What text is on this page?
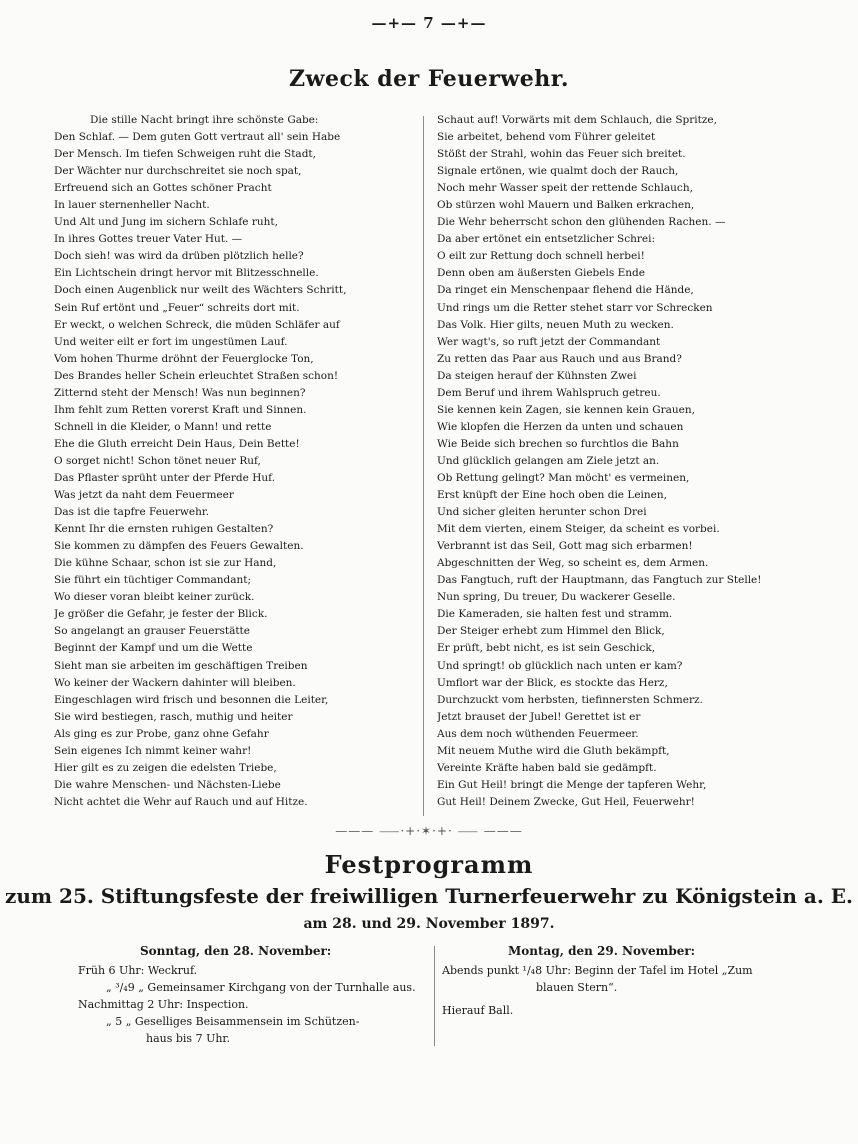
—+— 7 —+—
Zweck der Feuerwehr.
Die stille Nacht bringt ihre schönste Gabe:
Den Schlaf. — Dem guten Gott vertraut all' sein Habe
Der Mensch. Im tiefen Schweigen ruht die Stadt,
Der Wächter nur durchschreitet sie noch spat,
Erfreuend sich an Gottes schöner Pracht
In lauer sternenheller Nacht.
Und Alt und Jung im sichern Schlafe ruht,
In ihres Gottes treuer Vater Hut. —
Doch sieh! was wird da drüben plötzlich helle?
Ein Lichtschein dringt hervor mit Blitzesschnelle.
Doch einen Augenblick nur weilt des Wächters Schritt,
Sein Ruf ertönt und „Feuer“ schreits dort mit.
Er weckt, o welchen Schreck, die müden Schläfer auf
Und weiter eilt er fort im ungestümen Lauf.
Vom hohen Thurme dröhnt der Feuerglocke Ton,
Des Brandes heller Schein erleuchtet Straßen schon!
Zitternd steht der Mensch! Was nun beginnen?
Ihm fehlt zum Retten vorerst Kraft und Sinnen.
Schnell in die Kleider, o Mann! und rette
Ehe die Gluth erreicht Dein Haus, Dein Bette!
O sorget nicht! Schon tönet neuer Ruf,
Das Pflaster sprüht unter der Pferde Huf.
Was jetzt da naht dem Feuermeer
Das ist die tapfre Feuerwehr.
Kennt Ihr die ernsten ruhigen Gestalten?
Sie kommen zu dämpfen des Feuers Gewalten.
Die kühne Schaar, schon ist sie zur Hand,
Sie führt ein tüchtiger Commandant;
Wo dieser voran bleibt keiner zurück.
Je größer die Gefahr, je fester der Blick.
So angelangt an grauser Feuerstätte
Beginnt der Kampf und um die Wette
Sieht man sie arbeiten im geschäftigen Treiben
Wo keiner der Wackern dahinter will bleiben.
Eingeschlagen wird frisch und besonnen die Leiter,
Sie wird bestiegen, rasch, muthig und heiter
Als ging es zur Probe, ganz ohne Gefahr
Sein eigenes Ich nimmt keiner wahr!
Hier gilt es zu zeigen die edelsten Triebe,
Die wahre Menschen- und Nächsten-Liebe
Nicht achtet die Wehr auf Rauch und auf Hitze.
Schaut auf! Vorwärts mit dem Schlauch, die Spritze,
Sie arbeitet, behend vom Führer geleitet
Stößt der Strahl, wohin das Feuer sich breitet.
Signale ertönen, wie qualmt doch der Rauch,
Noch mehr Wasser speit der rettende Schlauch,
Ob stürzen wohl Mauern und Balken erkrachen,
Die Wehr beherrscht schon den glühenden Rachen. —
Da aber ertönet ein entsetzlicher Schrei:
O eilt zur Rettung doch schnell herbei!
Denn oben am äußersten Giebels Ende
Da ringet ein Menschenpaar flehend die Hände,
Und rings um die Retter stehet starr vor Schrecken
Das Volk. Hier gilts, neuen Muth zu wecken.
Wer wagt's, so ruft jetzt der Commandant
Zu retten das Paar aus Rauch und aus Brand?
Da steigen herauf der Kühnsten Zwei
Dem Beruf und ihrem Wahlspruch getreu.
Sie kennen kein Zagen, sie kennen kein Grauen,
Wie klopfen die Herzen da unten und schauen
Wie Beide sich brechen so furchtlos die Bahn
Und glücklich gelangen am Ziele jetzt an.
Ob Rettung gelingt? Man möcht' es vermeinen,
Erst knüpft der Eine hoch oben die Leinen,
Und sicher gleiten herunter schon Drei
Mit dem vierten, einem Steiger, da scheint es vorbei.
Verbrannt ist das Seil, Gott mag sich erbarmen!
Abgeschnitten der Weg, so scheint es, dem Armen.
Das Fangtuch, ruft der Hauptmann, das Fangtuch zur Stelle!
Nun spring, Du treuer, Du wackerer Geselle.
Die Kameraden, sie halten fest und stramm.
Der Steiger erhebt zum Himmel den Blick,
Er prüft, bebt nicht, es ist sein Geschick,
Und springt! ob glücklich nach unten er kam?
Umflort war der Blick, es stockte das Herz,
Durchzuckt vom herbsten, tiefinnersten Schmerz.
Jetzt brauset der Jubel! Gerettet ist er
Aus dem noch wüthenden Feuermeer.
Mit neuem Muthe wird die Gluth bekämpft,
Vereinte Kräfte haben bald sie gedämpft.
Ein Gut Heil! bringt die Menge der tapferen Wehr,
Gut Heil! Deinem Zwecke, Gut Heil, Feuerwehr!
——— ⸺·+·✶·+· ⸺ ———
Festprogramm
zum 25. Stiftungsfeste der freiwilligen Turnerfeuerwehr zu Königstein a. E.
am 28. und 29. November 1897.
Sonntag, den 28. November:	Montag, den 29. November:
Früh 6 Uhr: Weckruf.
„ ³/₄9 „ Gemeinsamer Kirchgang von der Turnhalle aus.
Nachmittag 2 Uhr: Inspection.
„ 5 „ Geselliges Beisammensein im Schützen-
haus bis 7 Uhr.
Abends punkt ¹/₄8 Uhr: Beginn der Tafel im Hotel „Zum
blauen Stern“.
Hierauf Ball.
